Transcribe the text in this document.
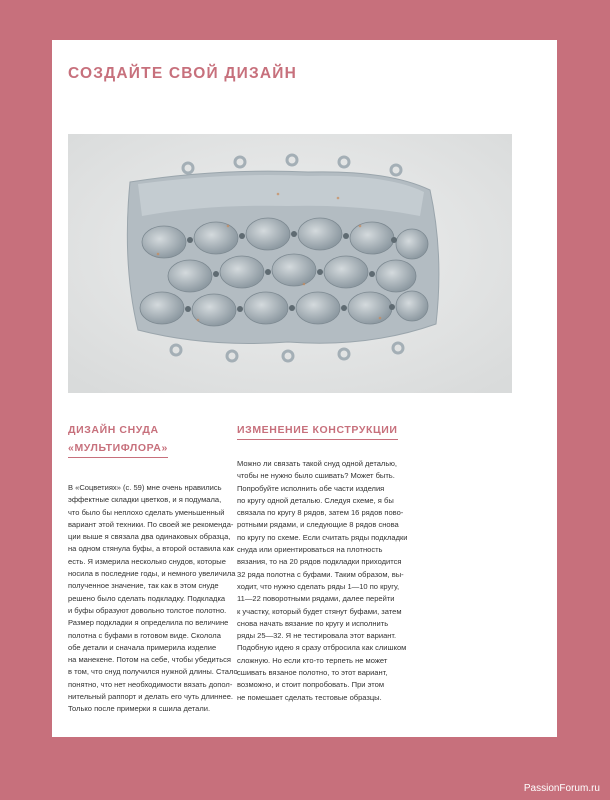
СОЗДАЙТЕ СВОЙ ДИЗАЙН
ДИЗАЙН СНУДА
«МУЛЬТИФЛОРА»
ИЗМЕНЕНИЕ КОНСТРУКЦИИ
В «Соцветиях» (с. 59) мне очень нравились
эффектные складки цветков, и я подумала,
что было бы неплохо сделать уменьшенный
вариант этой техники. По своей же рекоменда-
ции выше я связала два одинаковых образца,
на одном стянула буфы, а второй оставила как
есть. Я измерила несколько снудов, которые
носила в последние годы, и немного увеличила
полученное значение, так как в этом снуде
решено было сделать подкладку. Подкладка
и буфы образуют довольно толстое полотно.
Размер подкладки я определила по величине
полотна с буфами в готовом виде. Сколола
обе детали и сначала примерила изделие
на манекене. Потом на себе, чтобы убедиться
в том, что снуд получился нужной длины. Стало
понятно, что нет необходимости вязать допол-
нительный раппорт и делать его чуть длиннее.
Только после примерки я сшила детали.
Можно ли связать такой снуд одной деталью,
чтобы не нужно было сшивать? Может быть.
Попробуйте исполнить обе части изделия
по кругу одной деталью. Следуя схеме, я бы
связала по кругу 8 рядов, затем 16 рядов пово-
ротными рядами, и следующие 8 рядов снова
по кругу по схеме. Если считать ряды подкладки
снуда или ориентироваться на плотность
вязания, то на 20 рядов подкладки приходится
32 ряда полотна с буфами. Таким образом, вы-
ходит, что нужно сделать ряды 1—10 по кругу,
11—22 поворотными рядами, далее перейти
к участку, который будет стянут буфами, затем
снова начать вязание по кругу и исполнить
ряды 25—32. Я не тестировала этот вариант.
Подобную идею я сразу отбросила как слишком
сложную. Но если кто-то терпеть не может
сшивать вязаное полотно, то этот вариант,
возможно, и стоит попробовать. При этом
не помешает сделать тестовые образцы.
PassionForum.ru
